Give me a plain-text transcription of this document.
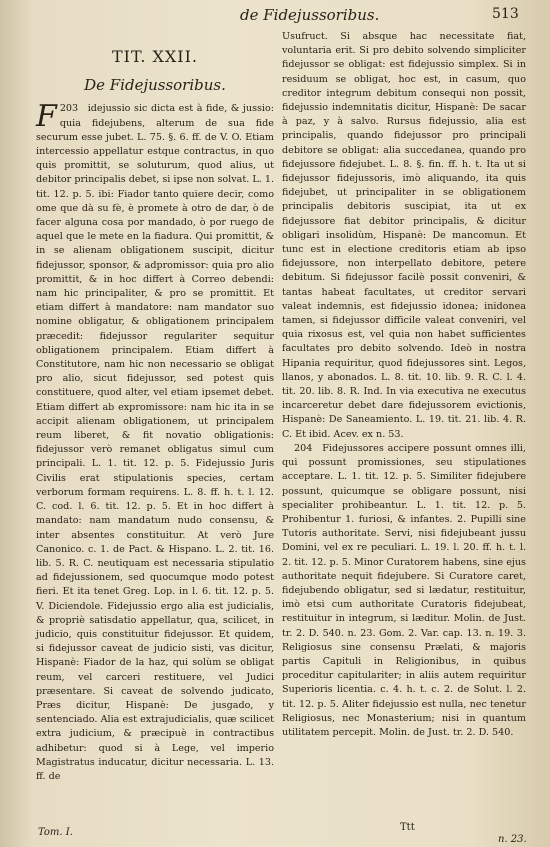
de Fidejussoribus.	513
TIT. XXII.
De Fidejussoribus.

203
F	idejussio sic dicta est à fide, & jussio: quia fidejubens, alterum de sua fide securum esse jubet. L. 75. §. 6. ff. de V. O. Etiam intercessio appellatur estque contractus, in quo quis promittit, se soluturum, quod alius, ut debitor principalis debet, si ipse non solvat. L. 1. tit. 12. p. 5. ibi: Fiador tanto quiere decir, como ome que dà su fè, è promete à otro de dar, ò de facer alguna cosa por mandado, ò por ruego de aquel que le mete en la fiadura. Qui promittit, & in se alienam obligationem suscipit, dicitur fidejussor, sponsor, & adpromissor: quia pro alio promittit, & in hoc differt à Correo debendi: nam hic principaliter, & pro se promittit. Et etiam differt à mandatore: nam mandator suo nomine obligatur, & obligationem principalem præcedit: fidejussor regulariter sequitur obligationem principalem. Etiam differt à Constitutore, nam hic non necessario se obligat pro alio, sicut fidejussor, sed potest quis constituere, quod alter, vel etiam ipsemet debet. Etiam differt ab expromissore: nam hic ita in se accipit alienam obligationem, ut principalem reum liberet, & fit novatio obligationis: fidejussor verò remanet obligatus simul cum principali. L. 1. tit. 12. p. 5. Fidejussio Juris Civilis erat stipulationis species, certam verborum formam requirens. L. 8. ff. h. t. l. 12. C. cod. l. 6. tit. 12. p. 5. Et in hoc differt à mandato: nam mandatum nudo consensu, & inter absentes constituitur. At verò Jure Canonico. c. 1. de Pact. & Hispano. L. 2. tit. 16. lib. 5. R. C. neutiquam est necessaria stipulatio ad fidejussionem, sed quocumque modo potest fieri. Et ita tenet Greg. Lop. in l. 6. tit. 12. p. 5. V. Diciendole. Fidejussio ergo alia est judicialis, & propriè satisdatio appellatur, qua, scilicet, in judicio, quis constituitur fidejussor. Et quidem, si fidejussor caveat de judicio sisti, vas dicitur, Hispanè: Fiador de la haz, qui solùm se obligat reum, vel carceri restituere, vel Judici præsentare. Si caveat de solvendo judicato, Præs dicitur, Hispanè: De jusgado, y sentenciado. Alia est extrajudicialis, quæ scilicet extra judicium, & præcipuè in contractibus adhibetur: quod si à Lege, vel imperio Magistratus inducatur, dicitur necessaria. L. 13. ff. de

Usufruct. Si absque hac necessitate fiat, voluntaria erit. Si pro debito solvendo simpliciter fidejussor se obligat: est fidejussio simplex. Si in residuum se obligat, hoc est, in casum, quo creditor integrum debitum consequi non possit, fidejussio indemnitatis dicitur, Hispanè: De sacar à paz, y à salvo. Rursus fidejussio, alia est principalis, quando fidejussor pro principali debitore se obligat: alia succedanea, quando pro fidejussore fidejubet. L. 8. §. fin. ff. h. t. Ita ut si fidejussor fidejussoris, imò aliquando, ita quis fidejubet, ut principaliter in se obligationem principalis debitoris suscipiat, ita ut ex fidejussore fiat debitor principalis, & dicitur obligari insolidùm, Hispanè: De mancomun. Et tunc est in electione creditoris etiam ab ipso fidejussore, non interpellato debitore, petere debitum. Si fidejussor facilè possit conveniri, & tantas habeat facultates, ut creditor servari valeat indemnis, est fidejussio idonea; inidonea tamen, si fidejussor difficile valeat conveniri, vel quia rixosus est, vel quia non habet sufficientes facultates pro debito solvendo. Ideò in nostra Hipania requiritur, quod fidejussores sint. Legos, llanos, y abonados. L. 8. tit. 10. lib. 9. R. C. l. 4. tit. 20. lib. 8. R. Ind. In via executiva ne executus incarceretur debet dare fidejussorem evictionis, Hispanè: De Saneamiento. L. 19. tit. 21. lib. 4. R. C. Et ibid. Acev. ex n. 53.

204 Fidejussores accipere possunt omnes illi, qui possunt promissiones, seu stipulationes acceptare. L. 1. tit. 12. p. 5. Similiter fidejubere possunt, quicumque se obligare possunt, nisi specialiter prohibeantur. L. 1. tit. 12. p. 5. Prohibentur 1. furiosi, & infantes. 2. Pupilli sine Tutoris authoritate. Servi, nisi fidejubeant jussu Domini, vel ex re peculiari. L. 19. l. 20. ff. h. t. l. 2. tit. 12. p. 5. Minor Curatorem habens, sine ejus authoritate nequit fidejubere. Si Curatore caret, fidejubendo obligatur, sed si lædatur, restituitur, imò etsi cum authoritate Curatoris fidejubeat, restituitur in integrum, si læditur. Molin. de Just. tr. 2. D. 540. n. 23. Gom. 2. Var. cap. 13. n. 19. 3. Religiosus sine consensu Prælati, & majoris partis Capituli in Religionibus, in quibus proceditur capitulariter; in aliis autem requiritur Superioris licentia. c. 4. h. t. c. 2. de Solut. l. 2. tit. 12. p. 5. Aliter fidejussio est nulla, nec tenetur Religiosus, nec Monasterium; nisi in quantum utilitatem percepit. Molin. de Just. tr. 2. D. 540.

Tom. I.	Ttt
n. 23.
